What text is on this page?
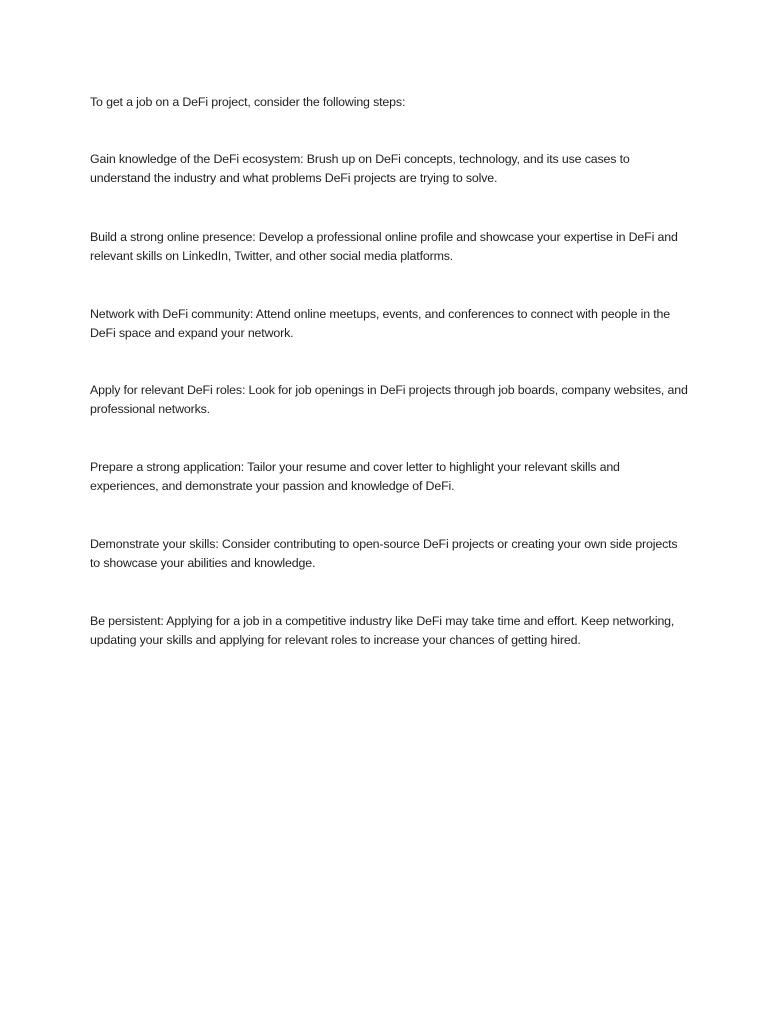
To get a job on a DeFi project, consider the following steps:

Gain knowledge of the DeFi ecosystem: Brush up on DeFi concepts, technology, and its use cases to understand the industry and what problems DeFi projects are trying to solve.

Build a strong online presence: Develop a professional online profile and showcase your expertise in DeFi and relevant skills on LinkedIn, Twitter, and other social media platforms.

Network with DeFi community: Attend online meetups, events, and conferences to connect with people in the DeFi space and expand your network.

Apply for relevant DeFi roles: Look for job openings in DeFi projects through job boards, company websites, and professional networks.

Prepare a strong application: Tailor your resume and cover letter to highlight your relevant skills and experiences, and demonstrate your passion and knowledge of DeFi.

Demonstrate your skills: Consider contributing to open-source DeFi projects or creating your own side projects to showcase your abilities and knowledge.

Be persistent: Applying for a job in a competitive industry like DeFi may take time and effort. Keep networking, updating your skills and applying for relevant roles to increase your chances of getting hired.
